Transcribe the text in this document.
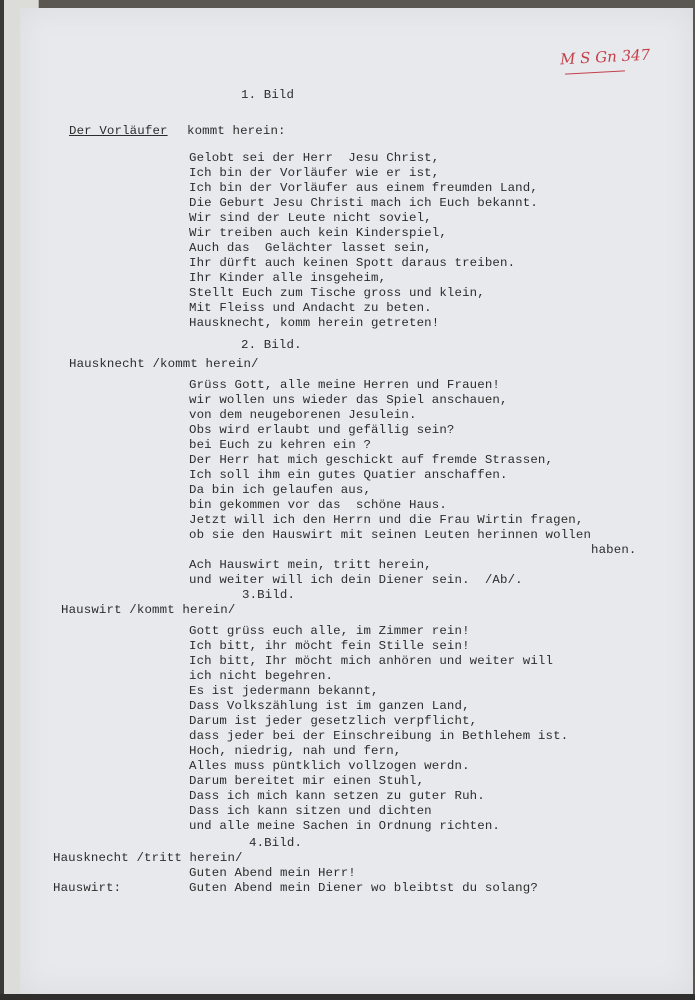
M S Gn 347
1. Bild
Der Vorläufer kommt herein:
Gelobt sei der Herr  Jesu Christ,
Ich bin der Vorläufer wie er ist,
Ich bin der Vorläufer aus einem freumden Land,
Die Geburt Jesu Christi mach ich Euch bekannt.
Wir sind der Leute nicht soviel,
Wir treiben auch kein Kinderspiel,
Auch das  Gelächter lasset sein,
Ihr dürft auch keinen Spott daraus treiben.
Ihr Kinder alle insgeheim,
Stellt Euch zum Tische gross und klein,
Mit Fleiss und Andacht zu beten.
Hausknecht, komm herein getreten!
2. Bild.
Hausknecht /kommt herein/
Grüss Gott, alle meine Herren und Frauen!
wir wollen uns wieder das Spiel anschauen,
von dem neugeborenen Jesulein.
Obs wird erlaubt und gefällig sein?
bei Euch zu kehren ein ?
Der Herr hat mich geschickt auf fremde Strassen,
Ich soll ihm ein gutes Quatier anschaffen.
Da bin ich gelaufen aus,
bin gekommen vor das  schöne Haus.
Jetzt will ich den Herrn und die Frau Wirtin fragen,
ob sie den Hauswirt mit seinen Leuten herinnen wollen
haben.
Ach Hauswirt mein, tritt herein,
und weiter will ich dein Diener sein.  /Ab/.
3.Bild.
Hauswirt /kommt herein/
Gott grüss euch alle, im Zimmer rein!
Ich bitt, ihr möcht fein Stille sein!
Ich bitt, Ihr möcht mich anhören und weiter will
ich nicht begehren.
Es ist jedermann bekannt,
Dass Volkszählung ist im ganzen Land,
Darum ist jeder gesetzlich verpflicht,
dass jeder bei der Einschreibung in Bethlehem ist.
Hoch, niedrig, nah und fern,
Alles muss püntklich vollzogen werdn.
Darum bereitet mir einen Stuhl,
Dass ich mich kann setzen zu guter Ruh.
Dass ich kann sitzen und dichten
und alle meine Sachen in Ordnung richten.
4.Bild.
Hausknecht /tritt herein/
Guten Abend mein Herr!
Hauswirt:	Guten Abend mein Diener wo bleibtst du solang?
